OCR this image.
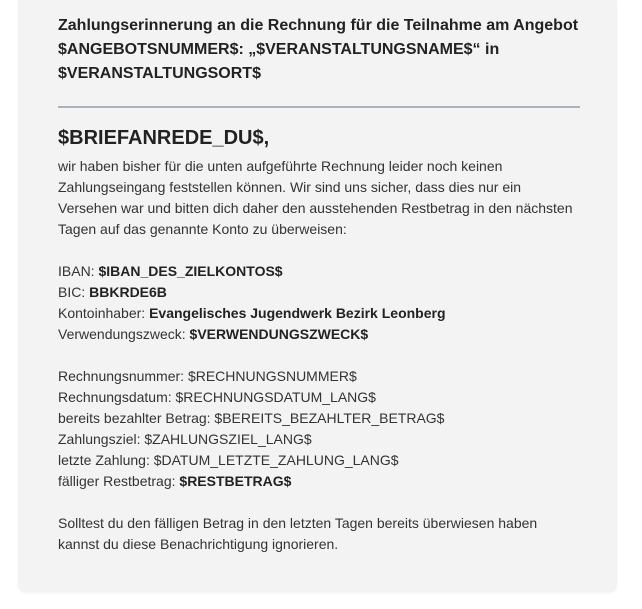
Zahlungserinnerung an die Rechnung für die Teilnahme am Angebot $ANGEBOTSNUMMER$: „$VERANSTALTUNGSNAME$“ in $VERANSTALTUNGSORT$

$BRIEFANREDE_DU$,

wir haben bisher für die unten aufgeführte Rechnung leider noch keinen Zahlungseingang feststellen können. Wir sind uns sicher, dass dies nur ein Versehen war und bitten dich daher den ausstehenden Restbetrag in den nächsten Tagen auf das genannte Konto zu überweisen:

IBAN: $IBAN_DES_ZIELKONTOS$
BIC: BBKRDE6B
Kontoinhaber: Evangelisches Jugendwerk Bezirk Leonberg
Verwendungszweck: $VERWENDUNGSZWECK$
Rechnungsnummer: $RECHNUNGSNUMMER$
Rechnungsdatum: $RECHNUNGSDATUM_LANG$
bereits bezahlter Betrag: $BEREITS_BEZAHLTER_BETRAG$
Zahlungsziel: $ZAHLUNGSZIEL_LANG$
letzte Zahlung: $DATUM_LETZTE_ZAHLUNG_LANG$
fälliger Restbetrag: $RESTBETRAG$

Solltest du den fälligen Betrag in den letzten Tagen bereits überwiesen haben kannst du diese Benachrichtigung ignorieren.
